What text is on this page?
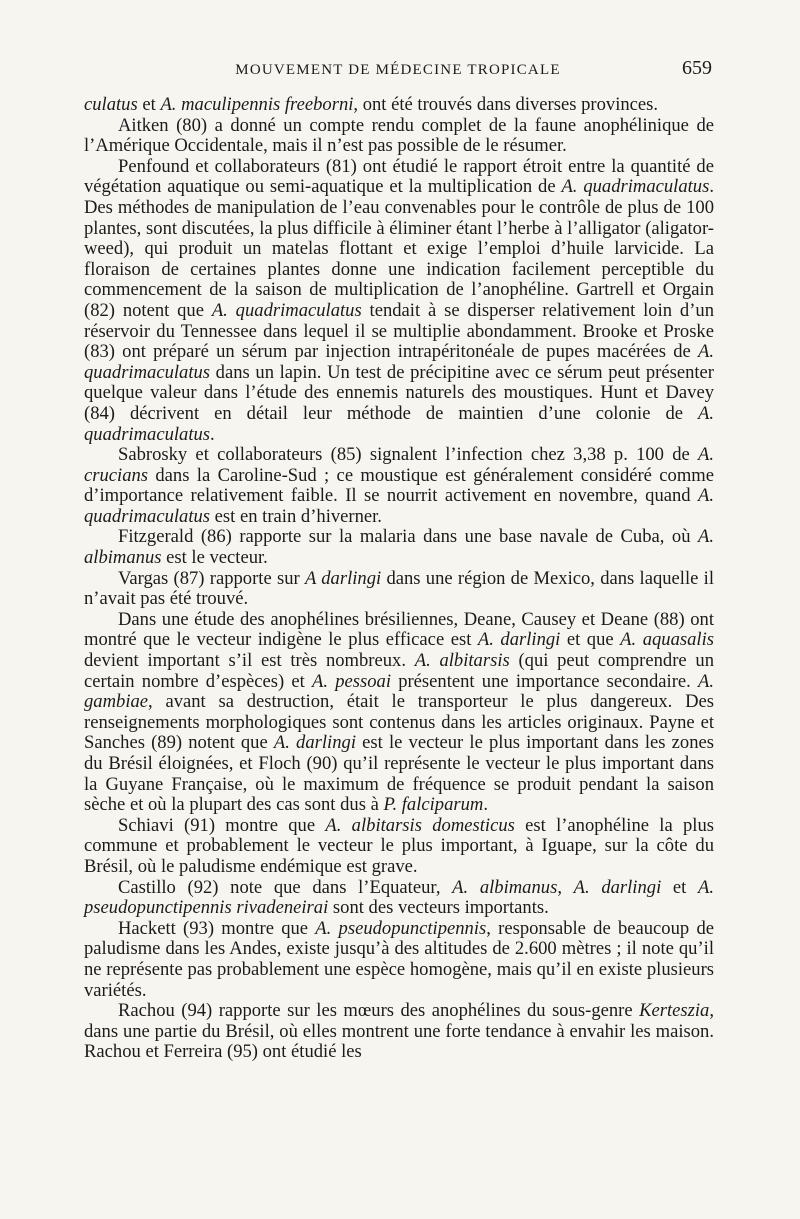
MOUVEMENT DE MÉDECINE TROPICALE	659

culatus et A. maculipennis freeborni, ont été trouvés dans diverses provinces.

Aitken (80) a donné un compte rendu complet de la faune anophélinique de l’Amérique Occidentale, mais il n’est pas possible de le résumer.

Penfound et collaborateurs (81) ont étudié le rapport étroit entre la quantité de végétation aquatique ou semi-aquatique et la multiplication de A. quadrimaculatus. Des méthodes de manipulation de l’eau convenables pour le contrôle de plus de 100 plantes, sont discutées, la plus difficile à éliminer étant l’herbe à l’alligator (aligator-weed), qui produit un matelas flottant et exige l’emploi d’huile larvicide. La floraison de certaines plantes donne une indication facilement perceptible du commencement de la saison de multiplication de l’anophéline. Gartrell et Orgain (82) notent que A. quadrimaculatus tendait à se disperser relativement loin d’un réservoir du Tennessee dans lequel il se multiplie abondamment. Brooke et Proske (83) ont préparé un sérum par injection intrapéritonéale de pupes macérées de A. quadrimaculatus dans un lapin. Un test de précipitine avec ce sérum peut présenter quelque valeur dans l’étude des ennemis naturels des moustiques. Hunt et Davey (84) décrivent en détail leur méthode de maintien d’une colonie de A. quadrimaculatus.

Sabrosky et collaborateurs (85) signalent l’infection chez 3,38 p. 100 de A. crucians dans la Caroline-Sud ; ce moustique est généralement considéré comme d’importance relativement faible. Il se nourrit activement en novembre, quand A. quadrimaculatus est en train d’hiverner.

Fitzgerald (86) rapporte sur la malaria dans une base navale de Cuba, où A. albimanus est le vecteur.

Vargas (87) rapporte sur A darlingi dans une région de Mexico, dans laquelle il n’avait pas été trouvé.

Dans une étude des anophélines brésiliennes, Deane, Causey et Deane (88) ont montré que le vecteur indigène le plus efficace est A. darlingi et que A. aquasalis devient important s’il est très nombreux. A. albitarsis (qui peut comprendre un certain nombre d’espèces) et A. pessoai présentent une importance secondaire. A. gambiae, avant sa destruction, était le transporteur le plus dangereux. Des renseignements morphologiques sont contenus dans les articles originaux. Payne et Sanches (89) notent que A. darlingi est le vecteur le plus important dans les zones du Brésil éloignées, et Floch (90) qu’il représente le vecteur le plus important dans la Guyane Française, où le maximum de fréquence se produit pendant la saison sèche et où la plupart des cas sont dus à P. falciparum.

Schiavi (91) montre que A. albitarsis domesticus est l’anophéline la plus commune et probablement le vecteur le plus important, à Iguape, sur la côte du Brésil, où le paludisme endémique est grave.

Castillo (92) note que dans l’Equateur, A. albimanus, A. darlingi et A. pseudopunctipennis rivadeneirai sont des vecteurs importants.

Hackett (93) montre que A. pseudopunctipennis, responsable de beaucoup de paludisme dans les Andes, existe jusqu’à des altitudes de 2.600 mètres ; il note qu’il ne représente pas probablement une espèce homogène, mais qu’il en existe plusieurs variétés.

Rachou (94) rapporte sur les mœurs des anophélines du sous-genre Kerteszia, dans une partie du Brésil, où elles montrent une forte tendance à envahir les maison. Rachou et Ferreira (95) ont étudié les
